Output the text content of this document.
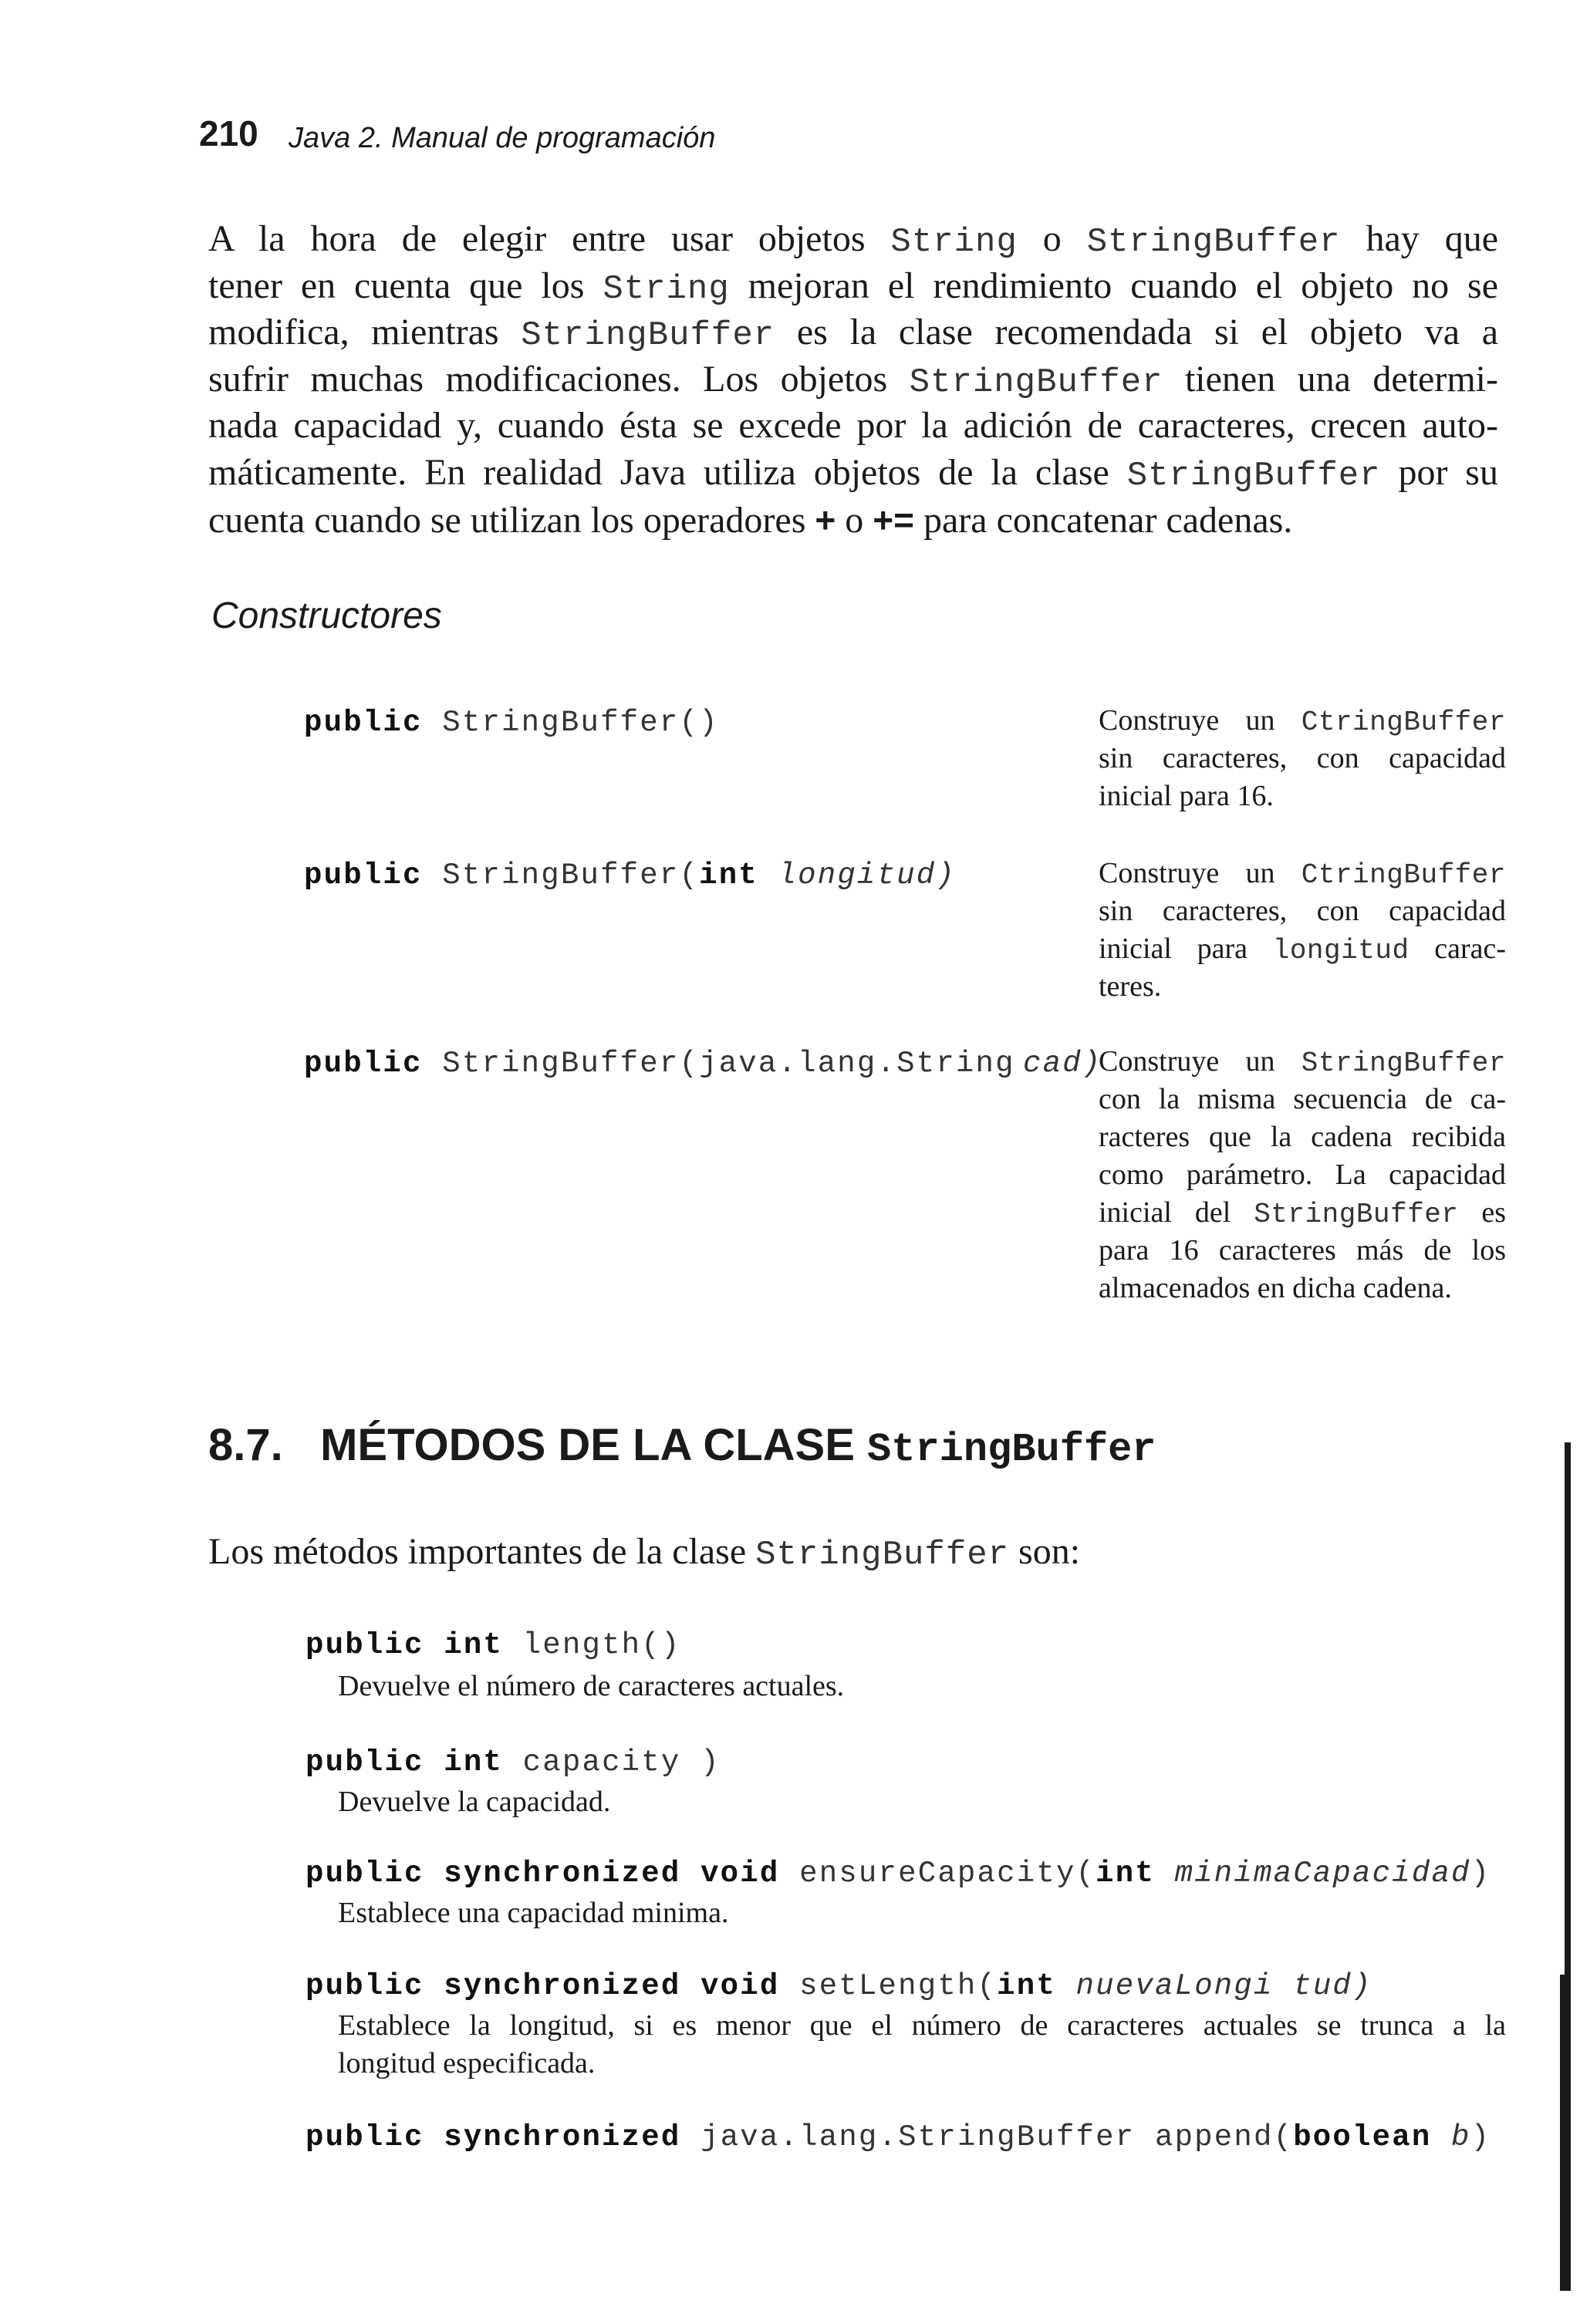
210 Java 2. Manual de programación
A la hora de elegir entre usar objetos String o StringBuffer hay que
tener en cuenta que los String mejoran el rendimiento cuando el objeto no se
modifica, mientras StringBuffer es la clase recomendada si el objeto va a
sufrir muchas modificaciones. Los objetos StringBuffer tienen una determi-
nada capacidad y, cuando ésta se excede por la adición de caracteres, crecen auto-
máticamente. En realidad Java utiliza objetos de la clase StringBuffer por su
cuenta cuando se utilizan los operadores + o += para concatenar cadenas.
Constructores
public StringBuffer()	Construye un CtringBuffer
sin caracteres, con capacidad
inicial para 16.
public StringBuffer(int longitud)	Construye un CtringBuffer
sin caracteres, con capacidad
inicial para longitud carac-
teres.
public StringBuffer(java.lang.String cad)
Construye un StringBuffer
con la misma secuencia de ca-
racteres que la cadena recibida
como parámetro. La capacidad
inicial del StringBuffer es
para 16 caracteres más de los
almacenados en dicha cadena.
8.7. MÉTODOS DE LA CLASE StringBuffer
Los métodos importantes de la clase StringBuffer son:
public int length()
Devuelve el número de caracteres actuales.
public int capacity )
Devuelve la capacidad.
public synchronized void ensureCapacity(int minimaCapacidad)
Establece una capacidad minima.
public synchronized void setLength(int nuevaLongi tud)
Establece la longitud, si es menor que el número de caracteres actuales se trunca a la
longitud especificada.
public synchronized java.lang.StringBuffer append(boolean b)
